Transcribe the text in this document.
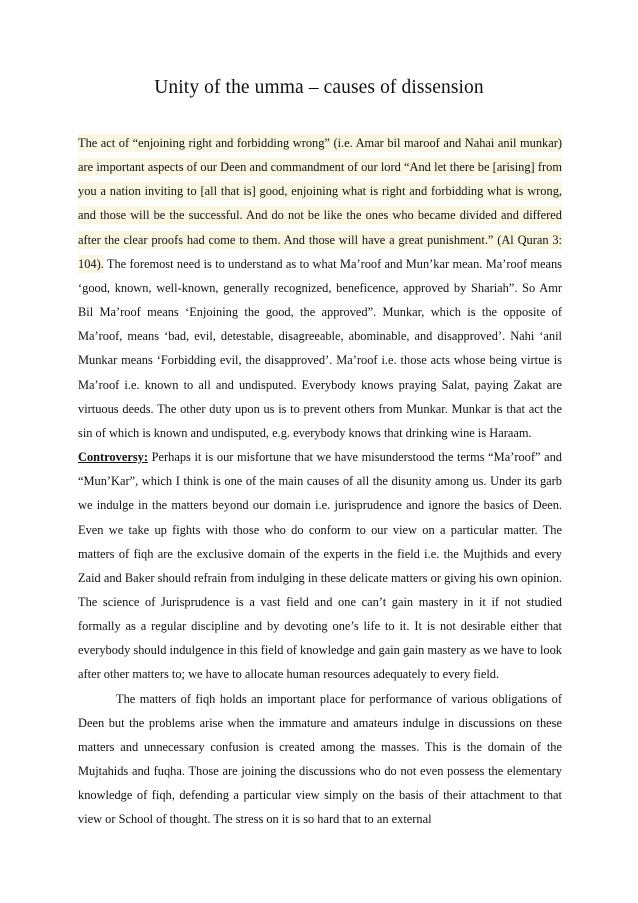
Unity of the umma – causes of dissension

The act of “enjoining right and forbidding wrong” (i.e. Amar bil maroof and Nahai anil munkar) are important aspects of our Deen and commandment of our lord “And let there be [arising] from you a nation inviting to [all that is] good, enjoining what is right and forbidding what is wrong, and those will be the successful. And do not be like the ones who became divided and differed after the clear proofs had come to them. And those will have a great punishment.” (Al Quran 3: 104). The foremost need is to understand as to what Ma’roof and Mun’kar mean. Ma’roof means ‘good, known, well-known, generally recognized, beneficence, approved by Shariah”. So Amr Bil Ma’roof means ‘Enjoining the good, the approved”. Munkar, which is the opposite of Ma’roof, means ‘bad, evil, detestable, disagreeable, abominable, and disapproved’. Nahi ‘anil Munkar means ‘Forbidding evil, the disapproved’. Ma’roof i.e. those acts whose being virtue is Ma’roof i.e. known to all and undisputed. Everybody knows praying Salat, paying Zakat are virtuous deeds. The other duty upon us is to prevent others from Munkar. Munkar is that act the sin of which is known and undisputed, e.g. everybody knows that drinking wine is Haraam.

Controversy: Perhaps it is our misfortune that we have misunderstood the terms “Ma’roof” and “Mun’Kar”, which I think is one of the main causes of all the disunity among us. Under its garb we indulge in the matters beyond our domain i.e. jurisprudence and ignore the basics of Deen. Even we take up fights with those who do conform to our view on a particular matter. The matters of fiqh are the exclusive domain of the experts in the field i.e. the Mujthids and every Zaid and Baker should refrain from indulging in these delicate matters or giving his own opinion. The science of Jurisprudence is a vast field and one can’t gain mastery in it if not studied formally as a regular discipline and by devoting one’s life to it. It is not desirable either that everybody should indulgence in this field of knowledge and gain gain mastery as we have to look after other matters to; we have to allocate human resources adequately to every field.

The matters of fiqh holds an important place for performance of various obligations of Deen but the problems arise when the immature and amateurs indulge in discussions on these matters and unnecessary confusion is created among the masses. This is the domain of the Mujtahids and fuqha. Those are joining the discussions who do not even possess the elementary knowledge of fiqh, defending a particular view simply on the basis of their attachment to that view or School of thought. The stress on it is so hard that to an external
